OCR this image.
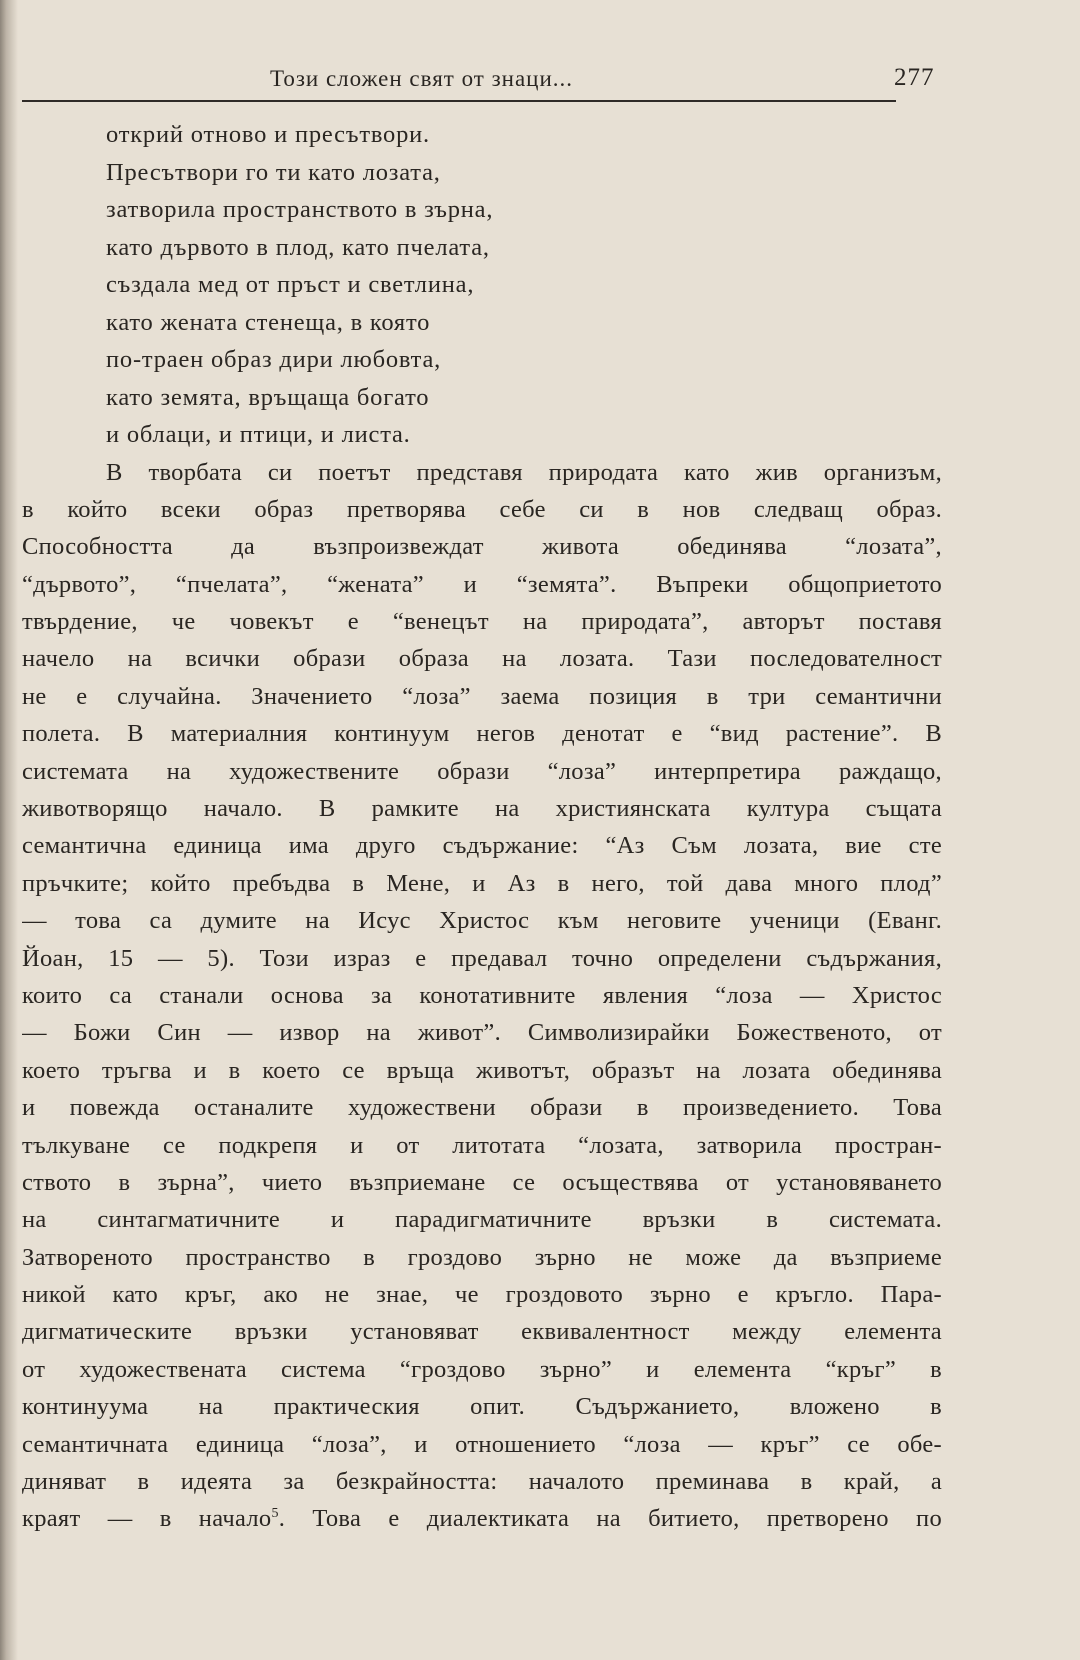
Този сложен свят от знаци...	277
открий отново и пресътвори.
Пресътвори го ти като лозата,
затворила пространството в зърна,
като дървото в плод, като пчелата,
създала мед от пръст и светлина,
като жената стенеща, в която
по-траен образ дири любовта,
като земята, връщаща богато
и облаци, и птици, и листа.
В творбата си поетът представя природата като жив организъм,
в който всеки образ претворява себе си в нов следващ образ.
Способността да възпроизвеждат живота обединява “лозата”,
“дървото”, “пчелата”, “жената” и “земята”. Въпреки общоприетото
твърдение, че човекът е “венецът на природата”, авторът поставя
начело на всички образи образа на лозата. Тази последователност
не е случайна. Значението “лоза” заема позиция в три семантични
полета. В материалния континуум негов денотат е “вид растение”. В
системата на художествените образи “лоза” интерпретира раждащо,
животворящо начало. В рамките на християнската култура същата
семантична единица има друго съдържание: “Аз Съм лозата, вие сте
пръчките; който пребъдва в Мене, и Аз в него, той дава много плод”
— това са думите на Исус Христос към неговите ученици (Еванг.
Йоан, 15 — 5). Този израз е предавал точно определени съдържания,
които са станали основа за конотативните явления “лоза — Христос
— Божи Син — извор на живот”. Символизирайки Божественото, от
което тръгва и в което се връща животът, образът на лозата обединява
и повежда останалите художествени образи в произведението. Това
тълкуване се подкрепя и от литотата “лозата, затворила простран-
ството в зърна”, чието възприемане се осъществява от установяването
на синтагматичните и парадигматичните връзки в системата.
Затвореното пространство в гроздово зърно не може да възприеме
никой като кръг, ако не знае, че гроздовото зърно е кръгло. Пара-
дигматическите връзки установяват еквивалентност между елемента
от художествената система “гроздово зърно” и елемента “кръг” в
континуума на практическия опит. Съдържанието, вложено в
семантичната единица “лоза”, и отношението “лоза — кръг” се обе-
диняват в идеята за безкрайността: началото преминава в край, а
краят — в начало$^5$. Това е диалектиката на битието, претворено по
